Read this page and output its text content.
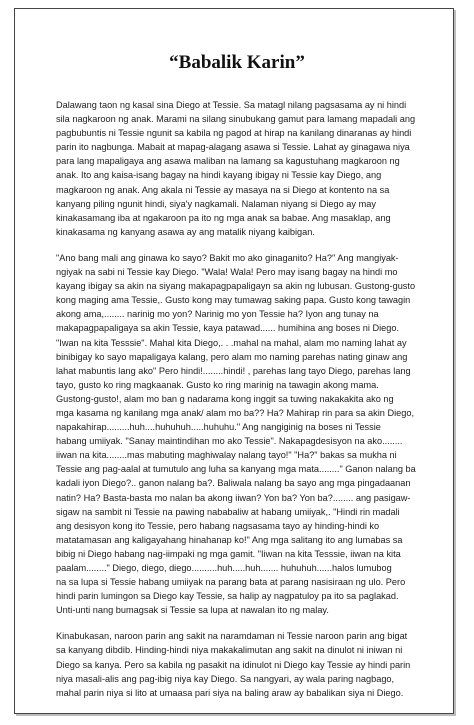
“Babalik Karin”

Dalawang taon ng kasal sina Diego at Tessie. Sa matagl nilang pagsasama ay ni hindi
sila nagkaroon ng anak. Marami na silang sinubukang gamut para lamang mapadali ang
pagbubuntis ni Tessie ngunit sa kabila ng pagod at hirap na kanilang dinaranas ay hindi
parin ito nagbunga. Mabait at mapag-alagang asawa si Tessie. Lahat ay ginagawa niya
para lang mapaligaya ang asawa maliban na lamang sa kagustuhang magkaroon ng
anak. Ito ang kaisa-isang bagay na hindi kayang ibigay ni Tessie kay Diego, ang
magkaroon ng anak. Ang akala ni Tessie ay masaya na si Diego at kontento na sa
kanyang piling ngunit hindi, siya'y nagkamali. Nalaman niyang si Diego ay may
kinakasamang iba at ngakaroon pa ito ng mga anak sa babae. Ang masaklap, ang
kinakasama ng kanyang asawa ay ang matalik niyang kaibigan.

"Ano bang mali ang ginawa ko sayo? Bakit mo ako ginaganito? Ha?" Ang mangiyak-
ngiyak na sabi ni Tessie kay Diego. "Wala! Wala! Pero may isang bagay na hindi mo
kayang ibigay sa akin na siyang makapagpapaligayn sa akin ng lubusan. Gustong-gusto
kong maging ama Tessie,. Gusto kong may tumawag saking papa. Gusto kong tawagin
akong ama,........ narinig mo yon? Narinig mo yon Tessie ha? Iyon ang tunay na
makapagpapaligaya sa akin Tessie, kaya patawad...... humihina ang boses ni Diego.
"Iwan na kita Tesssie". Mahal kita Diego,. . .mahal na mahal, alam mo naming lahat ay
binibigay ko sayo mapaligaya kalang, pero alam mo naming parehas nating ginaw ang
lahat mabuntis lang ako" Pero hindi!........hindi! , parehas lang tayo Diego, parehas lang
tayo, gusto ko ring magkaanak. Gusto ko ring marinig na tawagin akong mama.
Gustong-gusto!, alam mo ban g nadarama kong inggit sa tuwing nakakakita ako ng
mga kasama ng kanilang mga anak/ alam mo ba?? Ha? Mahirap rin para sa akin Diego,
napakahirap.........huh....huhuhuh.....huhuhu." Ang nangiginig na boses ni Tessie
habang umiiyak. "Sanay maintindihan mo ako Tessie". Nakapagdesisyon na ako........
iiwan na kita........mas mabuting maghiwalay nalang tayo!" "Ha?" bakas sa mukha ni
Tessie ang pag-aalal at tumutulo ang luha sa kanyang mga mata........" Ganon nalang ba
kadali iyon Diego?.. ganon nalang ba?. Baliwala nalang ba sayo ang mga pingadaanan
natin? Ha? Basta-basta mo nalan ba akong iiwan? Yon ba? Yon ba?........ ang pasigaw-
sigaw na sambit ni Tessie na pawing nababaliw at habang umiiyak,. "Hindi rin madali
ang desisyon kong ito Tessie, pero habang nagsasama tayo ay hinding-hindi ko
matatamasan ang kaligayahang hinahanap ko!" Ang mga salitang ito ang lumabas sa
bibig ni Diego habang nag-iimpaki ng mga gamit. "Iiwan na kita Tesssie, iiwan na kita
paalam........" Diego, diego, diego..........huh.....huh....... huhuhuh......halos lumubog
na sa lupa si Tessie habang umiiyak na parang bata at parang nasisiraan ng ulo. Pero
hindi parin lumingon sa Diego kay Tessie, sa halip ay nagpatuloy pa ito sa paglakad.
Unti-unti nang bumagsak si Tessie sa lupa at nawalan ito ng malay.

Kinabukasan, naroon parin ang sakit na naramdaman ni Tessie naroon parin ang bigat
sa kanyang dibdib. Hinding-hindi niya makakalimutan ang sakit na dinulot ni iniwan ni
Diego sa kanya. Pero sa kabila ng pasakit na idinulot ni Diego kay Tessie ay hindi parin
niya masali-alis ang pag-ibig niya kay Diego. Sa nangyari, ay wala paring nagbago,
mahal parin niya si lito at umaasa pari siya na baling araw ay babalikan siya ni Diego.
